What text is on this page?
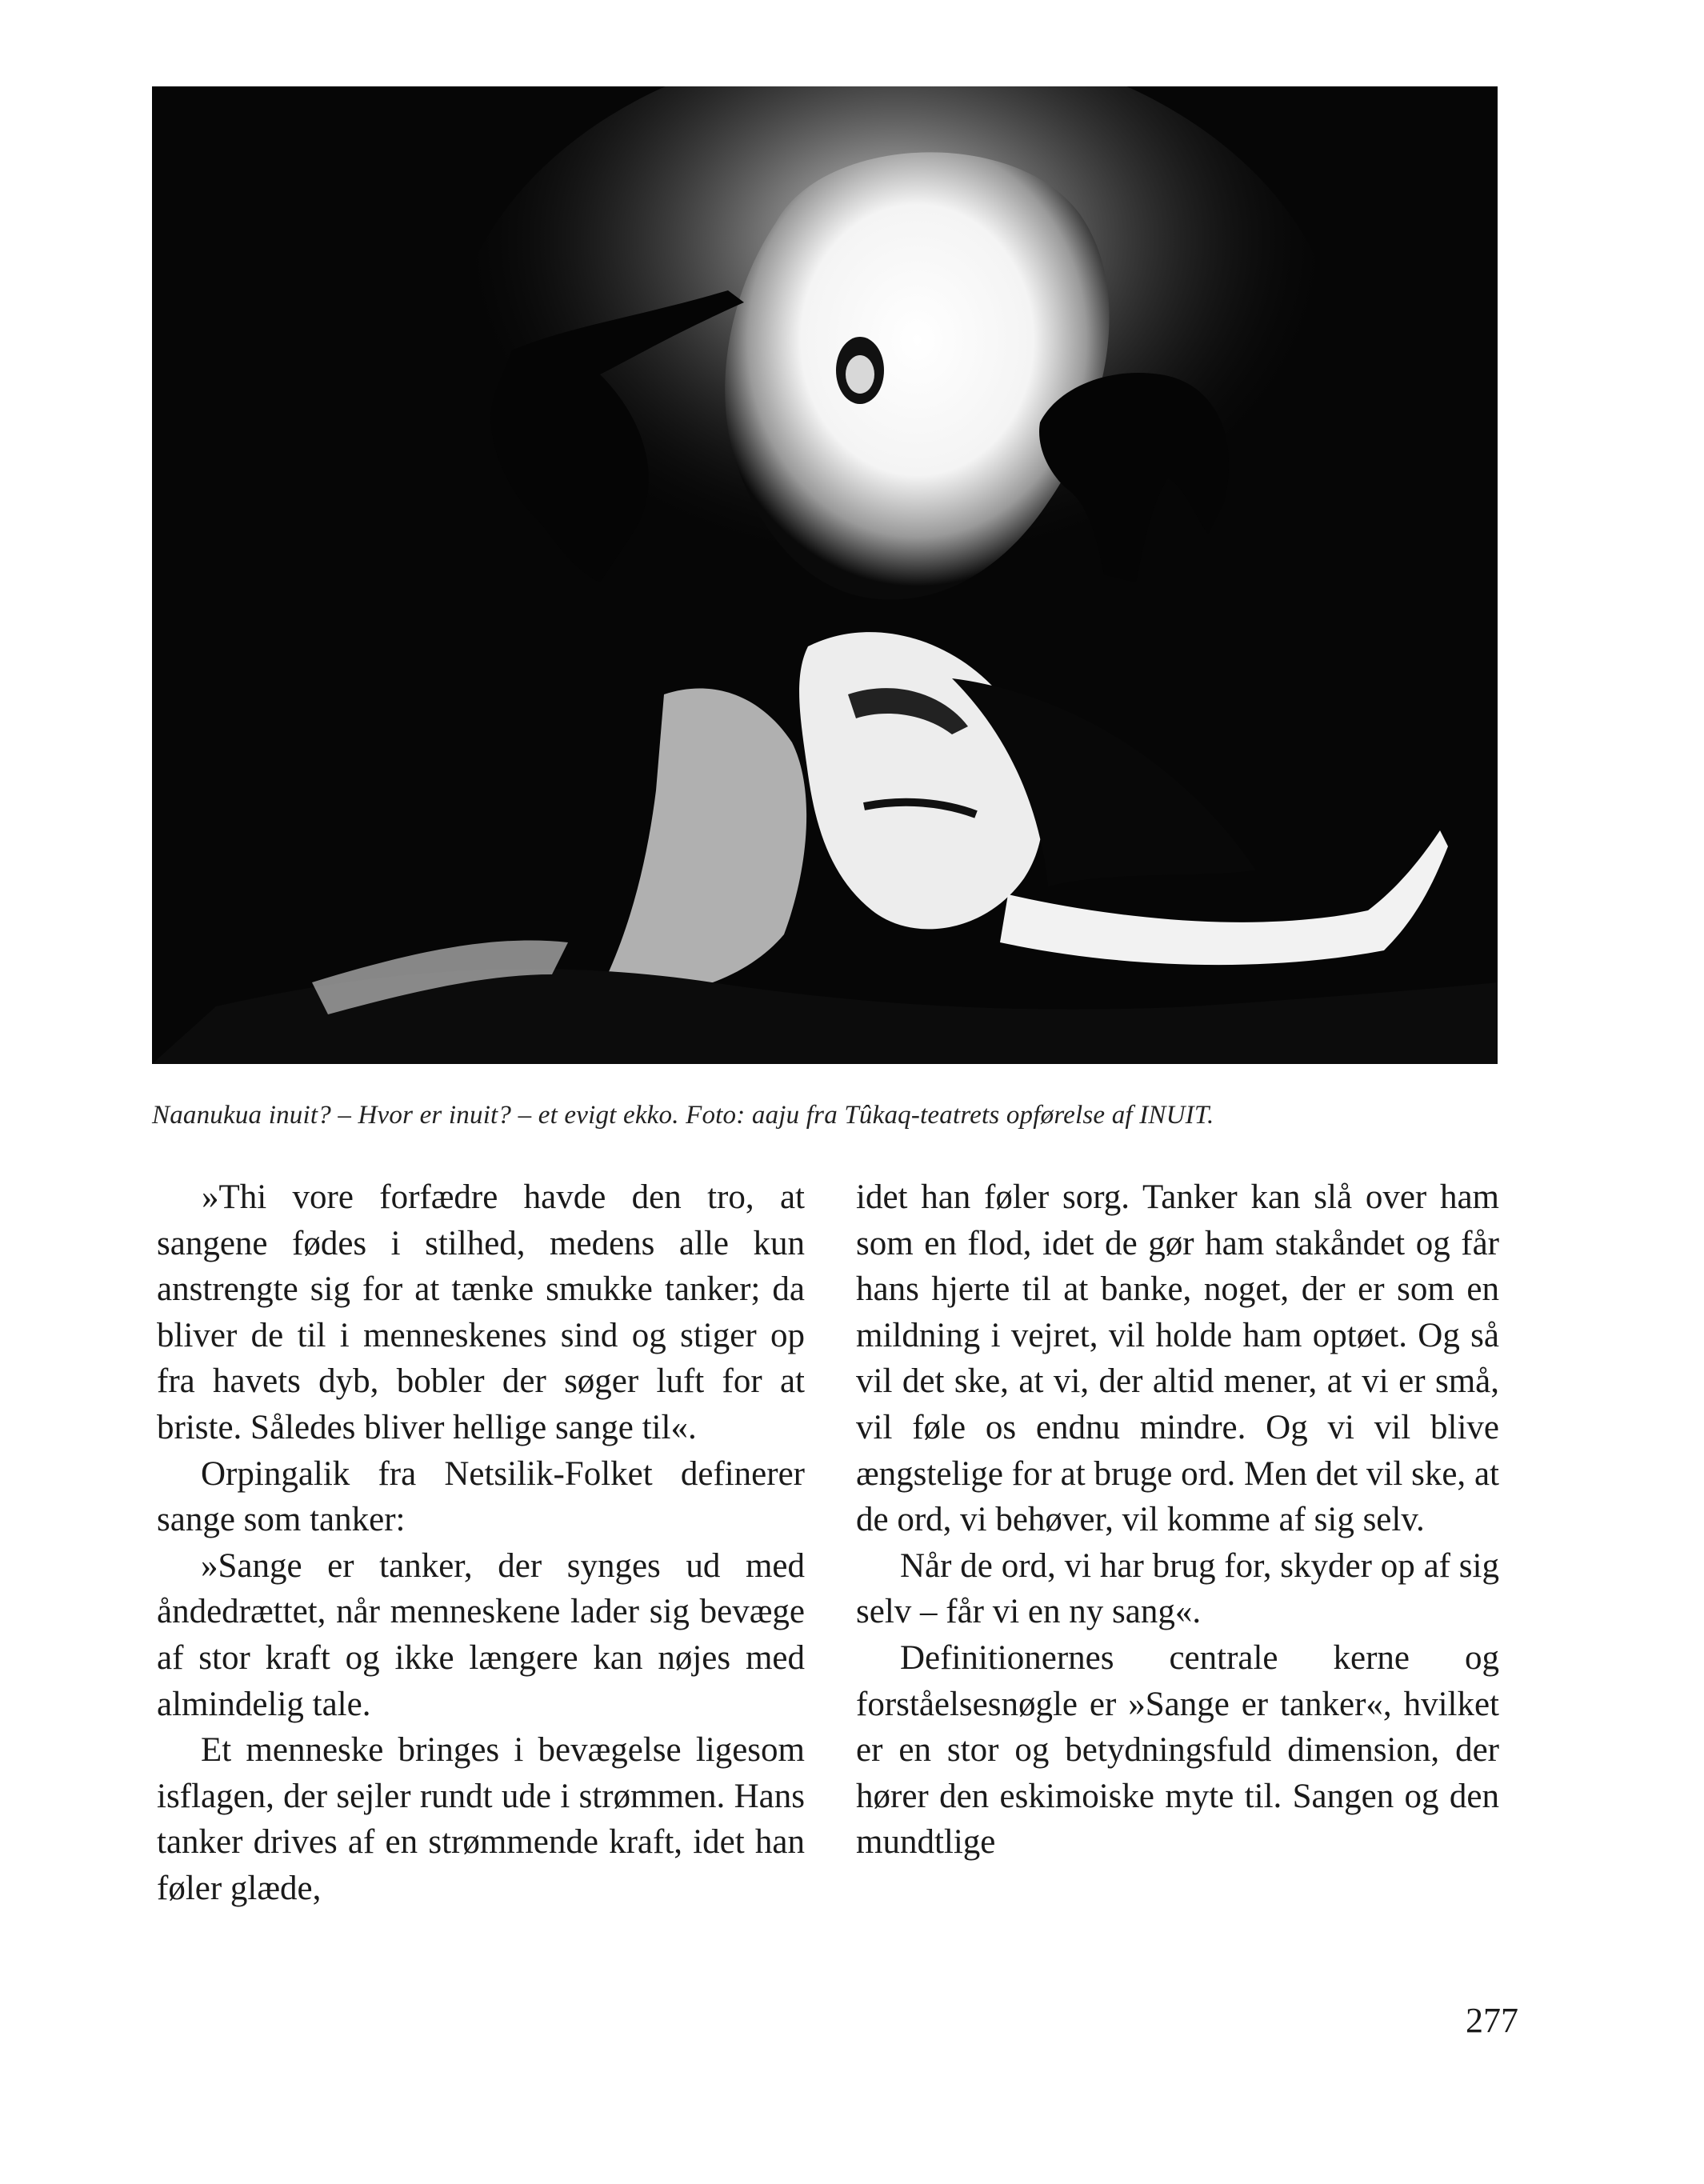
Naanukua inuit? – Hvor er inuit? – et evigt ekko. Foto: aaju fra Tûkaq-teatrets opførelse af INUIT.

»Thi vore forfædre havde den tro, at sangene fødes i stilhed, medens alle kun anstrengte sig for at tænke smukke tanker; da bliver de til i menneskenes sind og stiger op fra havets dyb, bobler der søger luft for at briste. Således bliver hellige sange til«.

Orpingalik fra Netsilik-Folket definerer sange som tanker:

»Sange er tanker, der synges ud med åndedrættet, når menneskene lader sig bevæge af stor kraft og ikke længere kan nøjes med almindelig tale.

Et menneske bringes i bevægelse ligesom isflagen, der sejler rundt ude i strømmen. Hans tanker drives af en strømmende kraft, idet han føler glæde,

idet han føler sorg. Tanker kan slå over ham som en flod, idet de gør ham stakåndet og får hans hjerte til at banke, noget, der er som en mildning i vejret, vil holde ham optøet. Og så vil det ske, at vi, der altid mener, at vi er små, vil føle os endnu mindre. Og vi vil blive ængstelige for at bruge ord. Men det vil ske, at de ord, vi behøver, vil komme af sig selv.

Når de ord, vi har brug for, skyder op af sig selv – får vi en ny sang«.

Definitionernes centrale kerne og forståelsesnøgle er »Sange er tanker«, hvilket er en stor og betydningsfuld dimension, der hører den eskimoiske myte til. Sangen og den mundtlige

277
